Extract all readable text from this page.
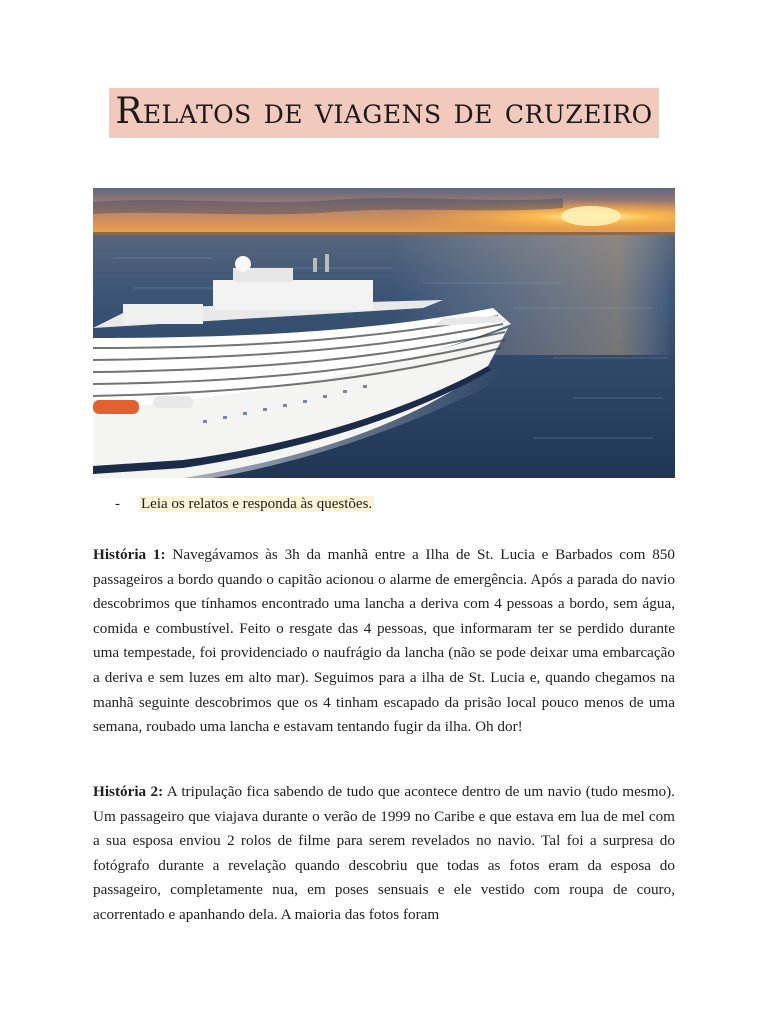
Relatos de viagens de cruzeiro
- Leia os relatos e responda às questões.

História 1: Navegávamos às 3h da manhã entre a Ilha de St. Lucia e Barbados com 850 passageiros a bordo quando o capitão acionou o alarme de emergência. Após a parada do navio descobrimos que tínhamos encontrado uma lancha a deriva com 4 pessoas a bordo, sem água, comida e combustível. Feito o resgate das 4 pessoas, que informaram ter se perdido durante uma tempestade, foi providenciado o naufrágio da lancha (não se pode deixar uma embarcação a deriva e sem luzes em alto mar). Seguimos para a ilha de St. Lucia e, quando chegamos na manhã seguinte descobrimos que os 4 tinham escapado da prisão local pouco menos de uma semana, roubado uma lancha e estavam tentando fugir da ilha. Oh dor!

História 2: A tripulação fica sabendo de tudo que acontece dentro de um navio (tudo mesmo). Um passageiro que viajava durante o verão de 1999 no Caribe e que estava em lua de mel com a sua esposa enviou 2 rolos de filme para serem revelados no navio. Tal foi a surpresa do fotógrafo durante a revelação quando descobriu que todas as fotos eram da esposa do passageiro, completamente nua, em poses sensuais e ele vestido com roupa de couro, acorrentado e apanhando dela. A maioria das fotos foram
